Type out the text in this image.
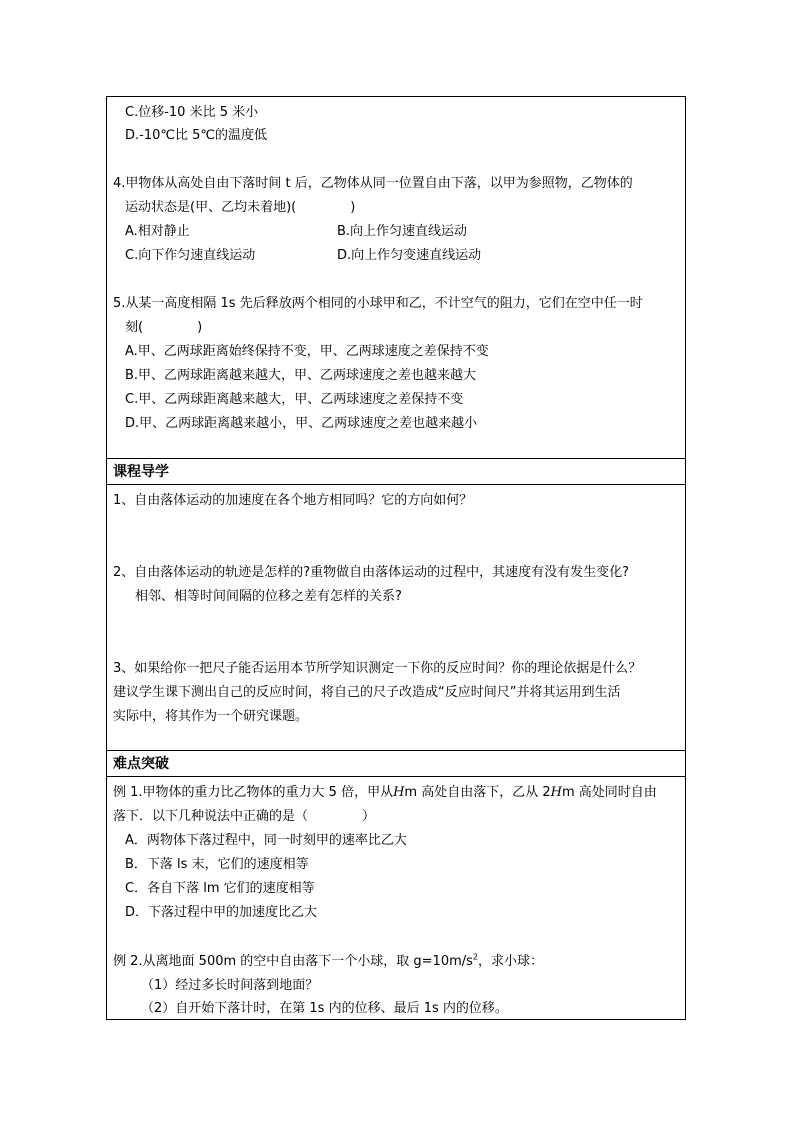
C.位移-10 米比 5 米小
D.-10℃比 5℃的温度低
4.甲物体从高处自由下落时间 t 后，乙物体从同一位置自由下落，以甲为参照物，乙物体的
运动状态是(甲、乙均未着地)(	)
A.相对静止	B.向上作匀速直线运动
C.向下作匀速直线运动	D.向上作匀变速直线运动
5.从某一高度相隔 1s 先后释放两个相同的小球甲和乙，不计空气的阻力，它们在空中任一时
刻(	)
A.甲、乙两球距离始终保持不变，甲、乙两球速度之差保持不变
B.甲、乙两球距离越来越大，甲、乙两球速度之差也越来越大
C.甲、乙两球距离越来越大，甲、乙两球速度之差保持不变
D.甲、乙两球距离越来越小，甲、乙两球速度之差也越来越小
课程导学
1、自由落体运动的加速度在各个地方相同吗？它的方向如何？
2、自由落体运动的轨迹是怎样的?重物做自由落体运动的过程中，其速度有没有发生变化?
相邻、相等时间间隔的位移之差有怎样的关系?
3、如果给你一把尺子能否运用本节所学知识测定一下你的反应时间？你的理论依据是什么？
建议学生课下测出自己的反应时间，将自己的尺子改造成“反应时间尺”并将其运用到生活
实际中，将其作为一个研究课题。
难点突破
例 1.甲物体的重力比乙物体的重力大 5 倍，甲从Hm 高处自由落下，乙从 2Hm 高处同时自由
落下．以下几种说法中正确的是（	）
A．两物体下落过程中，同一时刻甲的速率比乙大
B．下落 ls 末，它们的速度相等
C．各自下落 lm 它们的速度相等
D．下落过程中甲的加速度比乙大
例 2.从离地面 500m 的空中自由落下一个小球，取 $g=10m/s^2$，求小球：
（1）经过多长时间落到地面？
（2）自开始下落计时，在第 1s 内的位移、最后 1s 内的位移。
